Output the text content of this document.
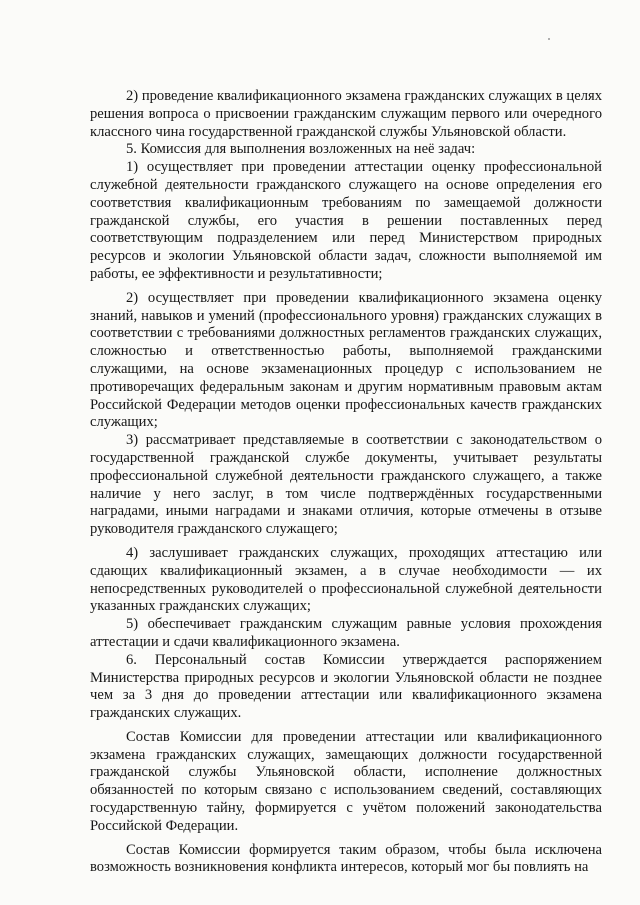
2) проведение квалификационного экзамена гражданских служащих в целях решения вопроса о присвоении гражданским служащим первого или очередного классного чина государственной гражданской службы Ульяновской области.

5. Комиссия для выполнения возложенных на неё задач:

1) осуществляет при проведении аттестации оценку профессиональной служебной деятельности гражданского служащего на основе определения его соответствия квалификационным требованиям по замещаемой должности гражданской службы, его участия в решении поставленных перед соответствующим подразделением или перед Министерством природных ресурсов и экологии Ульяновской области задач, сложности выполняемой им работы, ее эффективности и результативности;

2) осуществляет при проведении квалификационного экзамена оценку знаний, навыков и умений (профессионального уровня) гражданских служащих в соответствии с требованиями должностных регламентов гражданских служащих, сложностью и ответственностью работы, выполняемой гражданскими служащими, на основе экзаменационных процедур с использованием не противоречащих федеральным законам и другим нормативным правовым актам Российской Федерации методов оценки профессиональных качеств гражданских служащих;

3) рассматривает представляемые в соответствии с законодательством о государственной гражданской службе документы, учитывает результаты профессиональной служебной деятельности гражданского служащего, а также наличие у него заслуг, в том числе подтверждённых государственными наградами, иными наградами и знаками отличия, которые отмечены в отзыве руководителя гражданского служащего;

4) заслушивает гражданских служащих, проходящих аттестацию или сдающих квалификационный экзамен, а в случае необходимости — их непосредственных руководителей о профессиональной служебной деятельности указанных гражданских служащих;

5) обеспечивает гражданским служащим равные условия прохождения аттестации и сдачи квалификационного экзамена.

6. Персональный состав Комиссии утверждается распоряжением Министерства природных ресурсов и экологии Ульяновской области не позднее чем за 3 дня до проведении аттестации или квалификационного экзамена гражданских служащих.

Состав Комиссии для проведении аттестации или квалификационного экзамена гражданских служащих, замещающих должности государственной гражданской службы Ульяновской области, исполнение должностных обязанностей по которым связано с использованием сведений, составляющих государственную тайну, формируется с учётом положений законодательства Российской Федерации.

Состав Комиссии формируется таким образом, чтобы была исключена возможность возникновения конфликта интересов, который мог бы повлиять на
